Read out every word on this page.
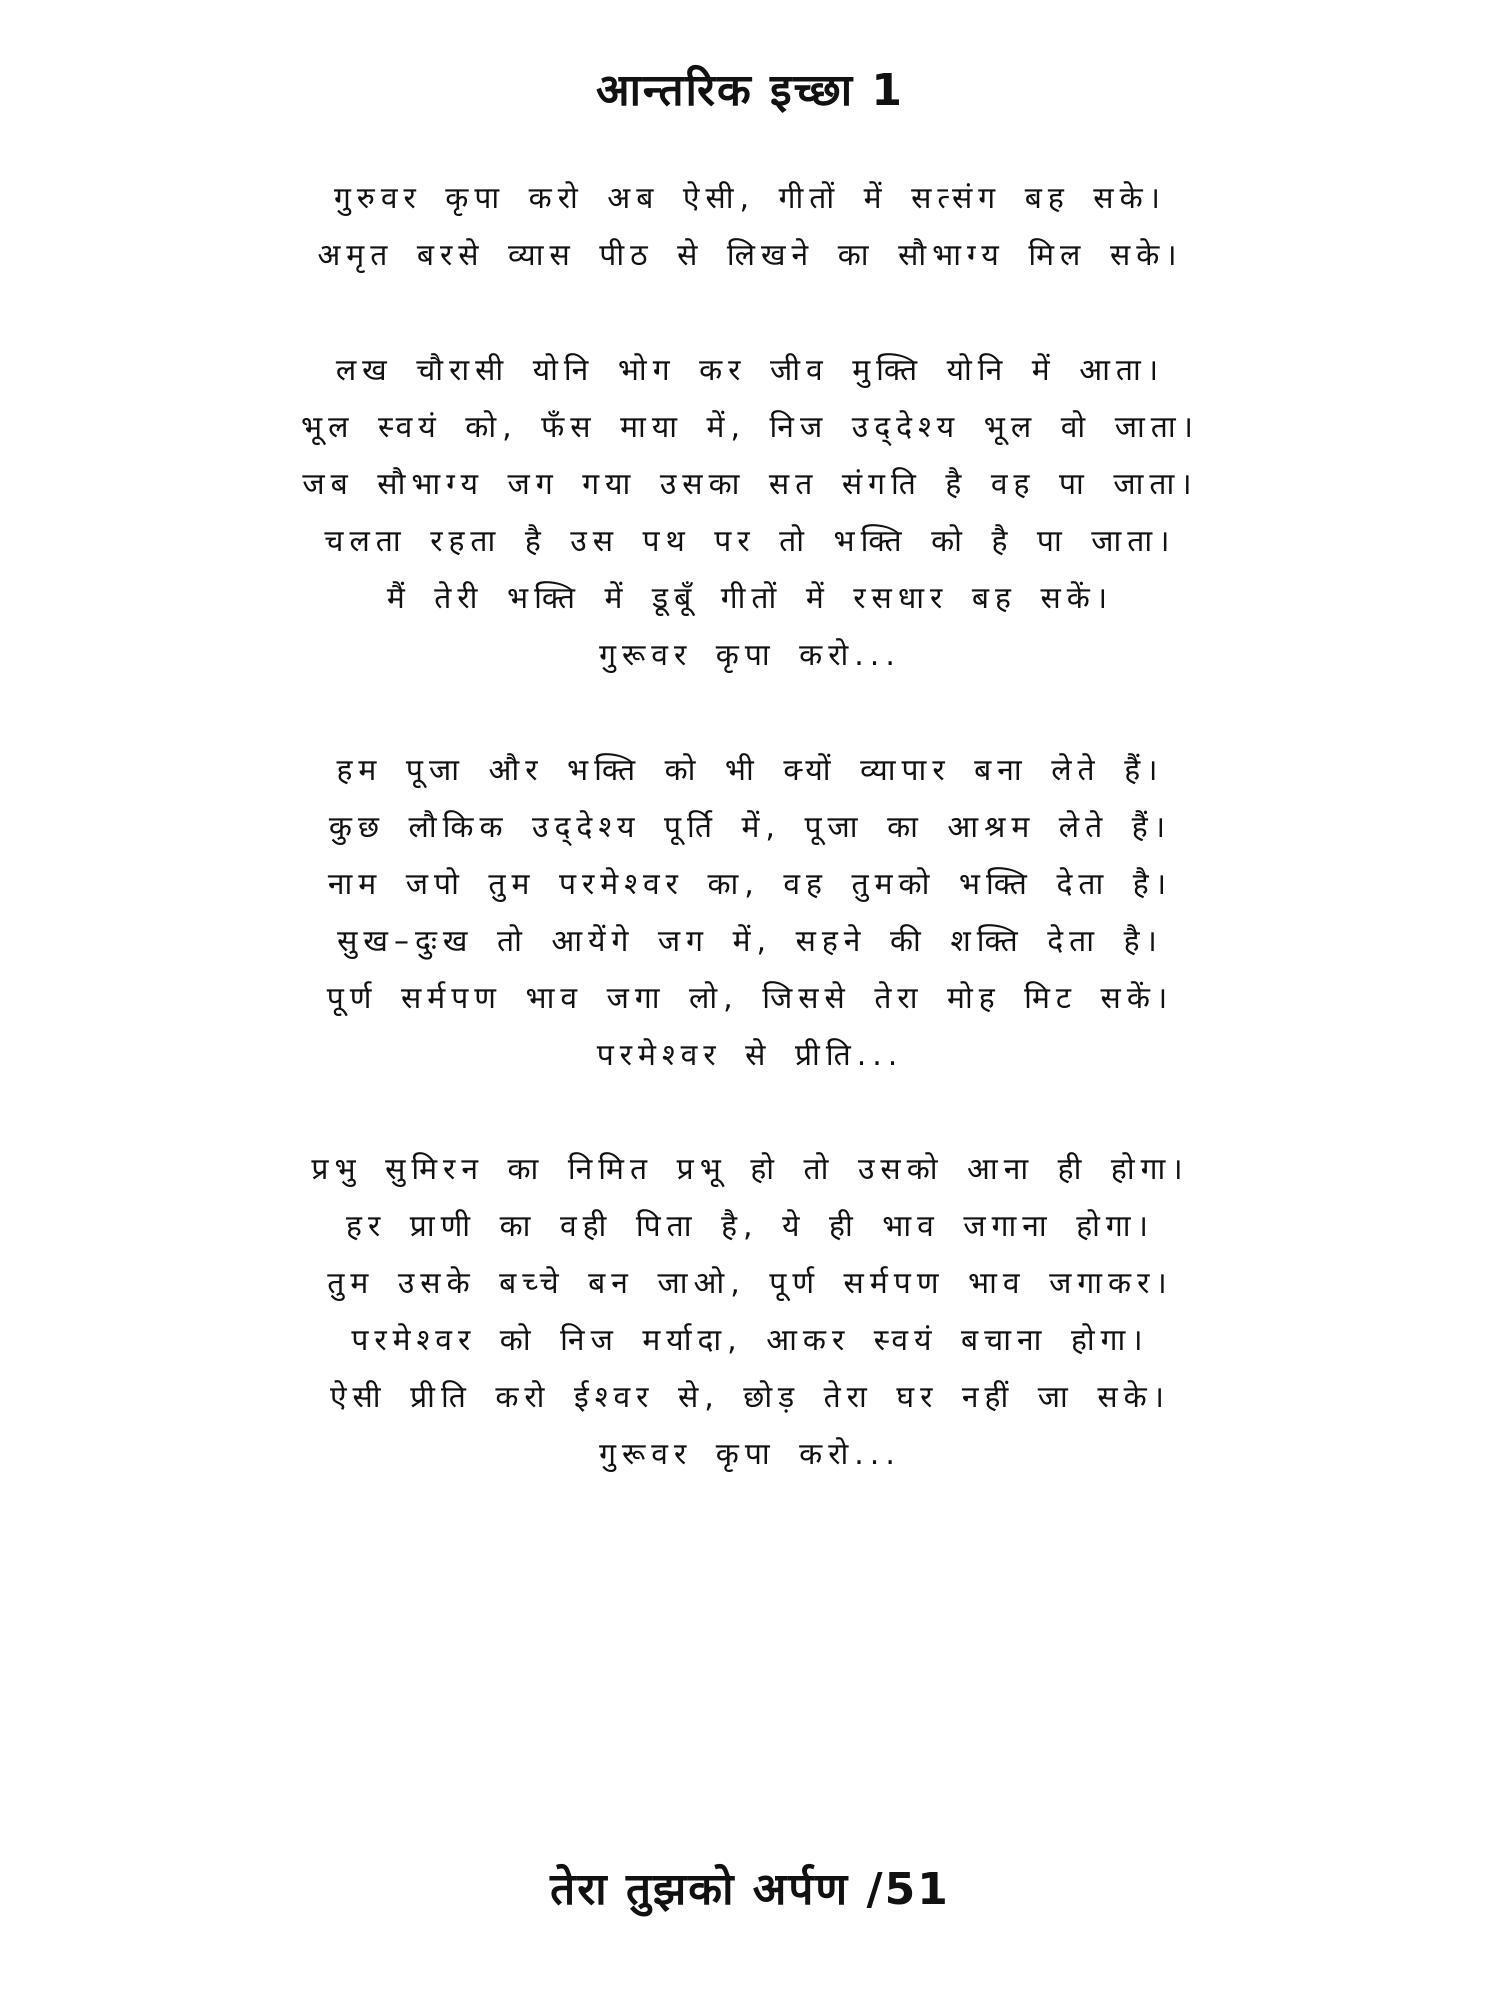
आन्तरिक इच्छा 1
गुरुवर कृपा करो अब ऐसी, गीतों में सत्संग बह सके।
अमृत बरसे व्यास पीठ से लिखने का सौभाग्य मिल सके।
लख चौरासी योनि भोग कर जीव मुक्ति योनि में आता।
भूल स्वयं को, फँस माया में, निज उद्‌देश्य भूल वो जाता।
जब सौभाग्य जग गया उसका सत संगति है वह पा जाता।
चलता रहता है उस पथ पर तो भक्ति को है पा जाता।
मैं तेरी भक्ति में डूबूँ गीतों में रसधार बह सकें।
गुरूवर कृपा करो...
हम पूजा और भक्ति को भी क्यों व्यापार बना लेते हैं।
कुछ लौकिक उद्‌देश्य पूर्ति में, पूजा का आश्रम लेते हैं।
नाम जपो तुम परमेश्वर का, वह तुमको भक्ति देता है।
सुख–दुःख तो आयेंगे जग में, सहने की शक्ति देता है।
पूर्ण सर्मपण भाव जगा लो, जिससे तेरा मोह मिट सकें।
परमेश्वर से प्रीति...
प्रभु सुमिरन का निमित प्रभू हो तो उसको आना ही होगा।
हर प्राणी का वही पिता है, ये ही भाव जगाना होगा।
तुम उसके बच्चे बन जाओ, पूर्ण सर्मपण भाव जगाकर।
परमेश्वर को निज मर्यादा, आकर स्वयं बचाना होगा।
ऐसी प्रीति करो ईश्वर से, छोड़ तेरा घर नहीं जा सके।
गुरूवर कृपा करो...

तेरा तुझको अर्पण /51
